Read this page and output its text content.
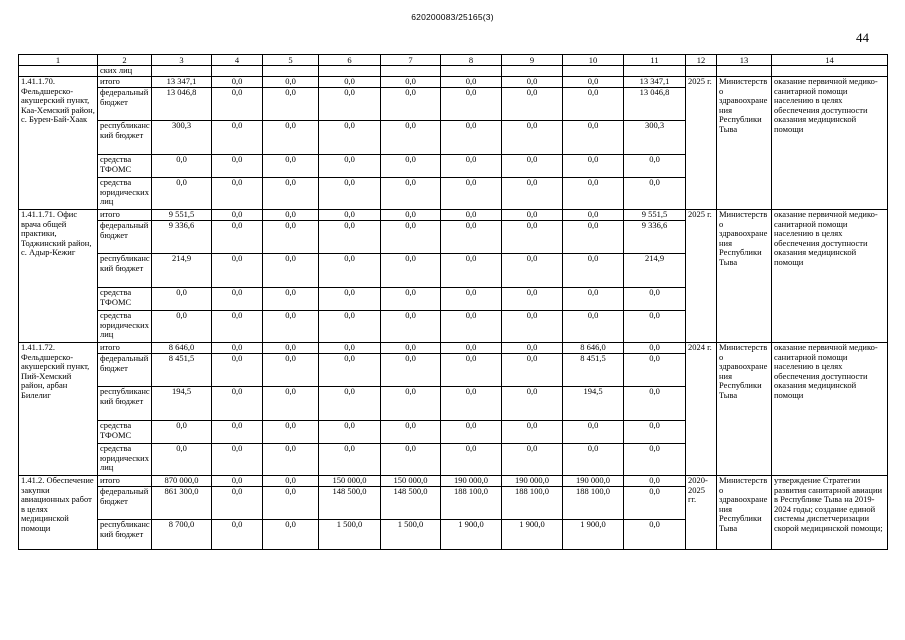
620200083/25165(3)
44
1	2	3	4	5	6	7	8	9	10	11	12	13	14
	ских лиц												
1.41.1.70. Фельдшерско-акушерский пункт, Каа-Хемский район, с. Бурен-Бай-Хаак	итого	13 347,1	0,0	0,0	0,0	0,0	0,0	0,0	0,0	13 347,1	2025 г.	Министерство здравоохранения Республики Тыва	оказание первичной медико-санитарной помощи населению в целях обеспечения доступности оказания медицинской помощи
	федеральный бюджет	13 046,8	0,0	0,0	0,0	0,0	0,0	0,0	0,0	13 046,8			
	республиканский бюджет	300,3	0,0	0,0	0,0	0,0	0,0	0,0	0,0	300,3			
	средства ТФОМС	0,0	0,0	0,0	0,0	0,0	0,0	0,0	0,0	0,0			
	средства юридических лиц	0,0	0,0	0,0	0,0	0,0	0,0	0,0	0,0	0,0			
1.41.1.71. Офис врача общей практики, Тоджинский район, с. Адыр-Кежиг	итого	9 551,5	0,0	0,0	0,0	0,0	0,0	0,0	0,0	9 551,5	2025 г.	Министерство здравоохранения Республики Тыва	оказание первичной медико-санитарной помощи населению в целях обеспечения доступности оказания медицинской помощи
	федеральный бюджет	9 336,6	0,0	0,0	0,0	0,0	0,0	0,0	0,0	9 336,6			
	республиканский бюджет	214,9	0,0	0,0	0,0	0,0	0,0	0,0	0,0	214,9			
	средства ТФОМС	0,0	0,0	0,0	0,0	0,0	0,0	0,0	0,0	0,0			
	средства юридических лиц	0,0	0,0	0,0	0,0	0,0	0,0	0,0	0,0	0,0			
1.41.1.72. Фельдшерско-акушерский пункт, Пий-Хемский район, арбан Билелиг	итого	8 646,0	0,0	0,0	0,0	0,0	0,0	0,0	8 646,0	0,0	2024 г.	Министерство здравоохранения Республики Тыва	оказание первичной медико-санитарной помощи населению в целях обеспечения доступности оказания медицинской помощи
	федеральный бюджет	8 451,5	0,0	0,0	0,0	0,0	0,0	0,0	8 451,5	0,0			
	республиканский бюджет	194,5	0,0	0,0	0,0	0,0	0,0	0,0	194,5	0,0			
	средства ТФОМС	0,0	0,0	0,0	0,0	0,0	0,0	0,0	0,0	0,0			
	средства юридических лиц	0,0	0,0	0,0	0,0	0,0	0,0	0,0	0,0	0,0			
1.41.2. Обеспечение закупки авиационных работ в целях медицинской помощи	итого	870 000,0	0,0	0,0	150 000,0	150 000,0	190 000,0	190 000,0	190 000,0	0,0	2020-2025 гг.	Министерство здравоохранения Республики Тыва	утверждение Стратегии развития санитарной авиации в Республике Тыва на 2019-2024 годы; создание единой системы диспетчеризации скорой медицинской помощи;
	федеральный бюджет	861 300,0	0,0	0,0	148 500,0	148 500,0	188 100,0	188 100,0	188 100,0	0,0			
	республиканский бюджет	8 700,0	0,0	0,0	1 500,0	1 500,0	1 900,0	1 900,0	1 900,0	0,0			
